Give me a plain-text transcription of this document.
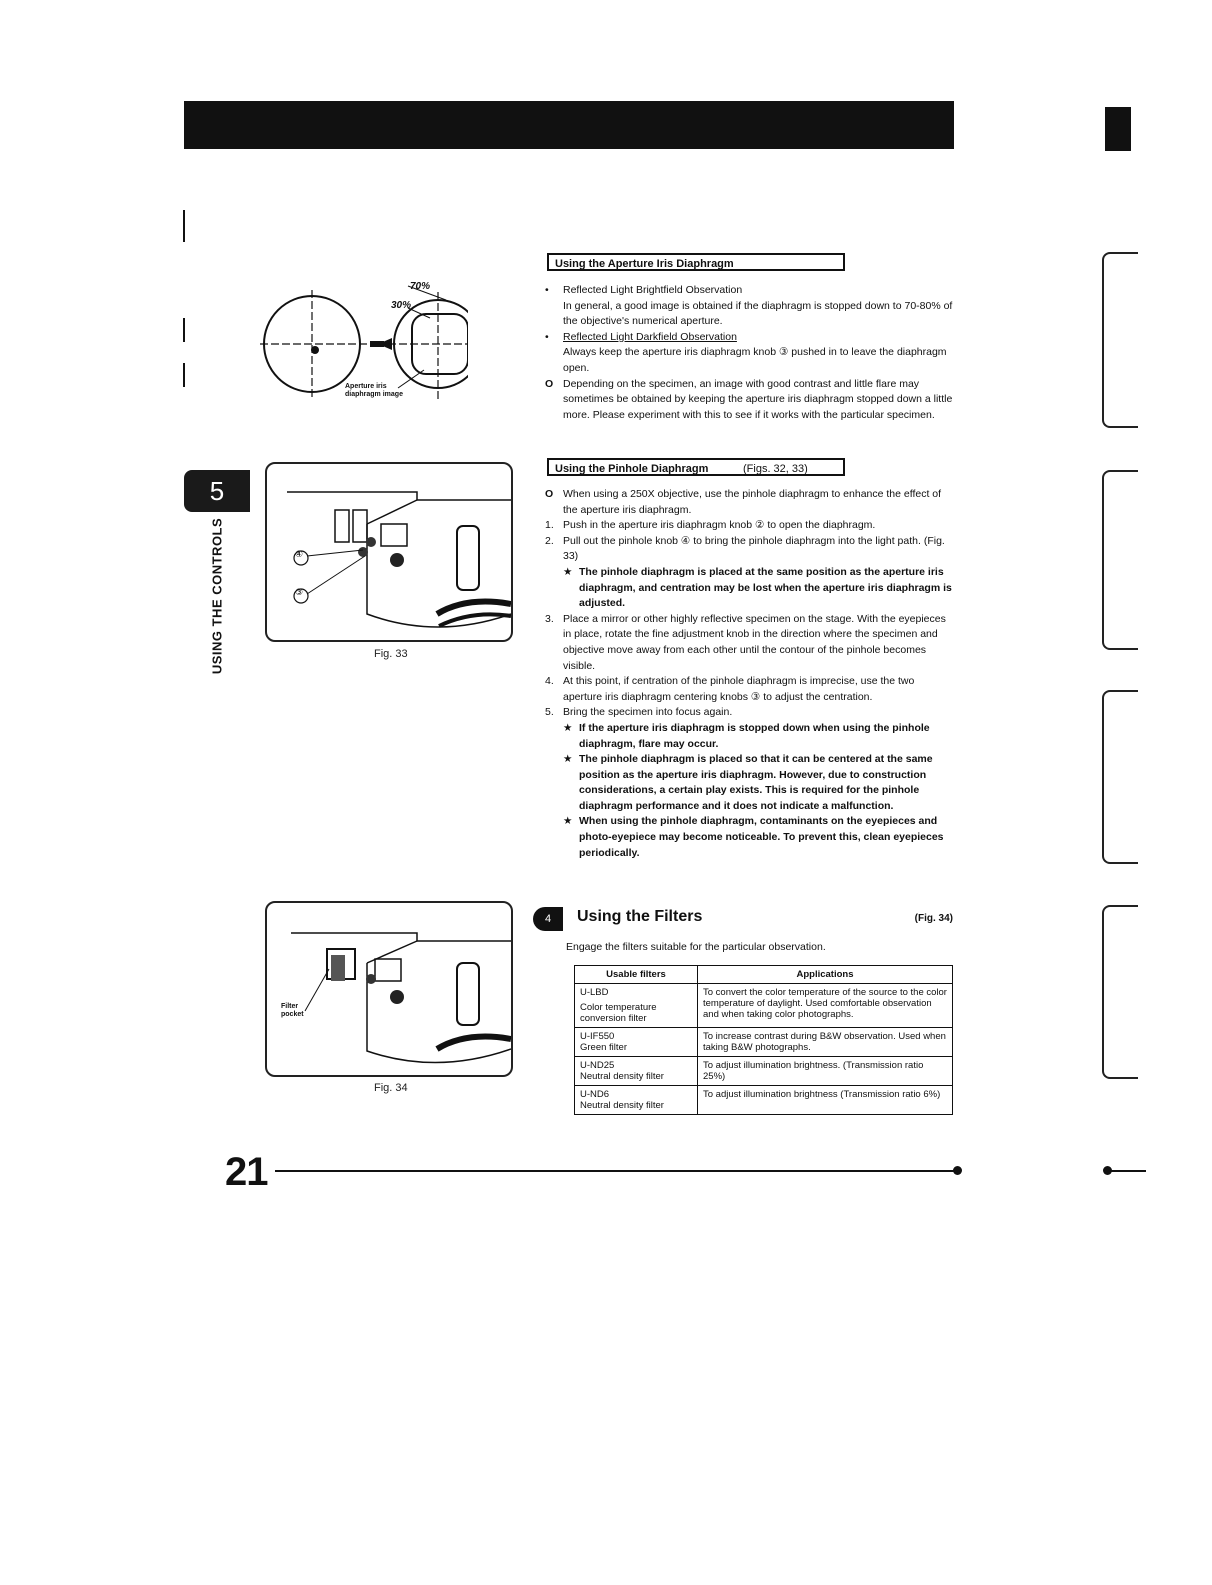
5
USING THE CONTROLS
70%
30%
Aperture iris
diaphragm image
④
③
Fig. 33
Filter
pocket
Fig. 34
Using the Aperture Iris Diaphragm
•	Reflected Light Brightfield Observation
In general, a good image is obtained if the diaphragm is stopped down to 70-80% of the objective's numerical aperture.
•	Reflected Light Darkfield Observation
Always keep the aperture iris diaphragm knob ③ pushed in to leave the diaphragm open.
O Depending on the specimen, an image with good contrast and little flare may sometimes be obtained by keeping the aperture iris diaphragm stopped down a little more. Please experiment with this to see if it works with the particular specimen.
Using the Pinhole Diaphragm	(Figs. 32, 33)
O When using a 250X objective, use the pinhole diaphragm to enhance the effect of the aperture iris diaphragm.
1. Push in the aperture iris diaphragm knob ② to open the diaphragm.
2. Pull out the pinhole knob ④ to bring the pinhole diaphragm into the light path. (Fig. 33)
★ The pinhole diaphragm is placed at the same position as the aperture iris diaphragm, and centration may be lost when the aperture iris diaphragm is adjusted.
3. Place a mirror or other highly reflective specimen on the stage. With the eyepieces in place, rotate the fine adjustment knob in the direction where the specimen and objective move away from each other until the contour of the pinhole becomes visible.
4. At this point, if centration of the pinhole diaphragm is imprecise, use the two aperture iris diaphragm centering knobs ③ to adjust the centration.
5. Bring the specimen into focus again.
★ If the aperture iris diaphragm is stopped down when using the pinhole diaphragm, flare may occur.
★ The pinhole diaphragm is placed so that it can be centered at the same position as the aperture iris diaphragm. However, due to construction considerations, a certain play exists. This is required for the pinhole diaphragm performance and it does not indicate a malfunction.
★ When using the pinhole diaphragm, contaminants on the eyepieces and photo-eyepiece may become noticeable. To prevent this, clean eyepieces periodically.
4	Using the Filters	(Fig. 34)
Engage the filters suitable for the particular observation.
Usable filters	Applications

U-LBD
Color temperature conversion filter	To convert the color temperature of the source to the color temperature of daylight. Used comfortable observation and when taking color photographs.

U-IF550
Green filter	To increase contrast during B&W observation. Used when taking B&W photographs.

U-ND25
Neutral density filter	To adjust illumination brightness. (Transmission ratio 25%)

U-ND6
Neutral density filter	To adjust illumination brightness (Transmission ratio 6%)
21
